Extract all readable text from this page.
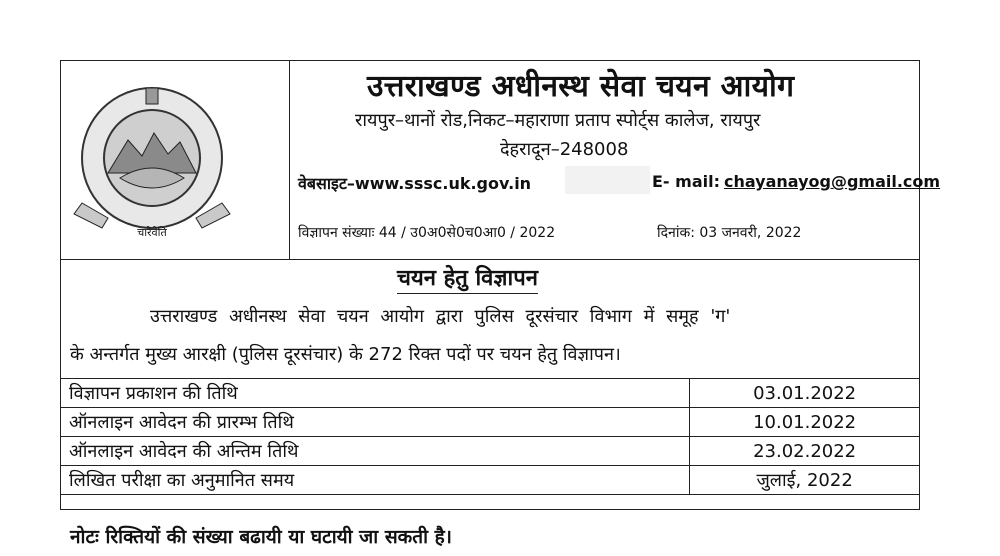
चारैवेति
उत्तराखण्ड अधीनस्थ सेवा चयन आयोग
रायपुर–थानों रोड,निकट–महाराणा प्रताप स्पोर्ट्स कालेज, रायपुर
देहरादून–248008
वेबसाइट–www.sssc.uk.gov.in	E- mail: chayanayog@gmail.com
विज्ञापन संख्याः 44 / उ0अ0से0च0आ0 / 2022	दिनांक: 03 जनवरी, 2022
चयन हेतु विज्ञापन
उत्तराखण्ड अधीनस्थ सेवा चयन आयोग द्वारा पुलिस दूरसंचार विभाग में समूह 'ग'
के अन्तर्गत मुख्य आरक्षी (पुलिस दूरसंचार) के 272 रिक्त पदों पर चयन हेतु विज्ञापन।
विज्ञापन प्रकाशन की तिथि	03.01.2022
ऑनलाइन आवेदन की प्रारम्भ तिथि	10.01.2022
ऑनलाइन आवेदन की अन्तिम तिथि	23.02.2022
लिखित परीक्षा का अनुमानित समय	जुलाई, 2022
नोटः रिक्तियों की संख्या बढायी या घटायी जा सकती है।
